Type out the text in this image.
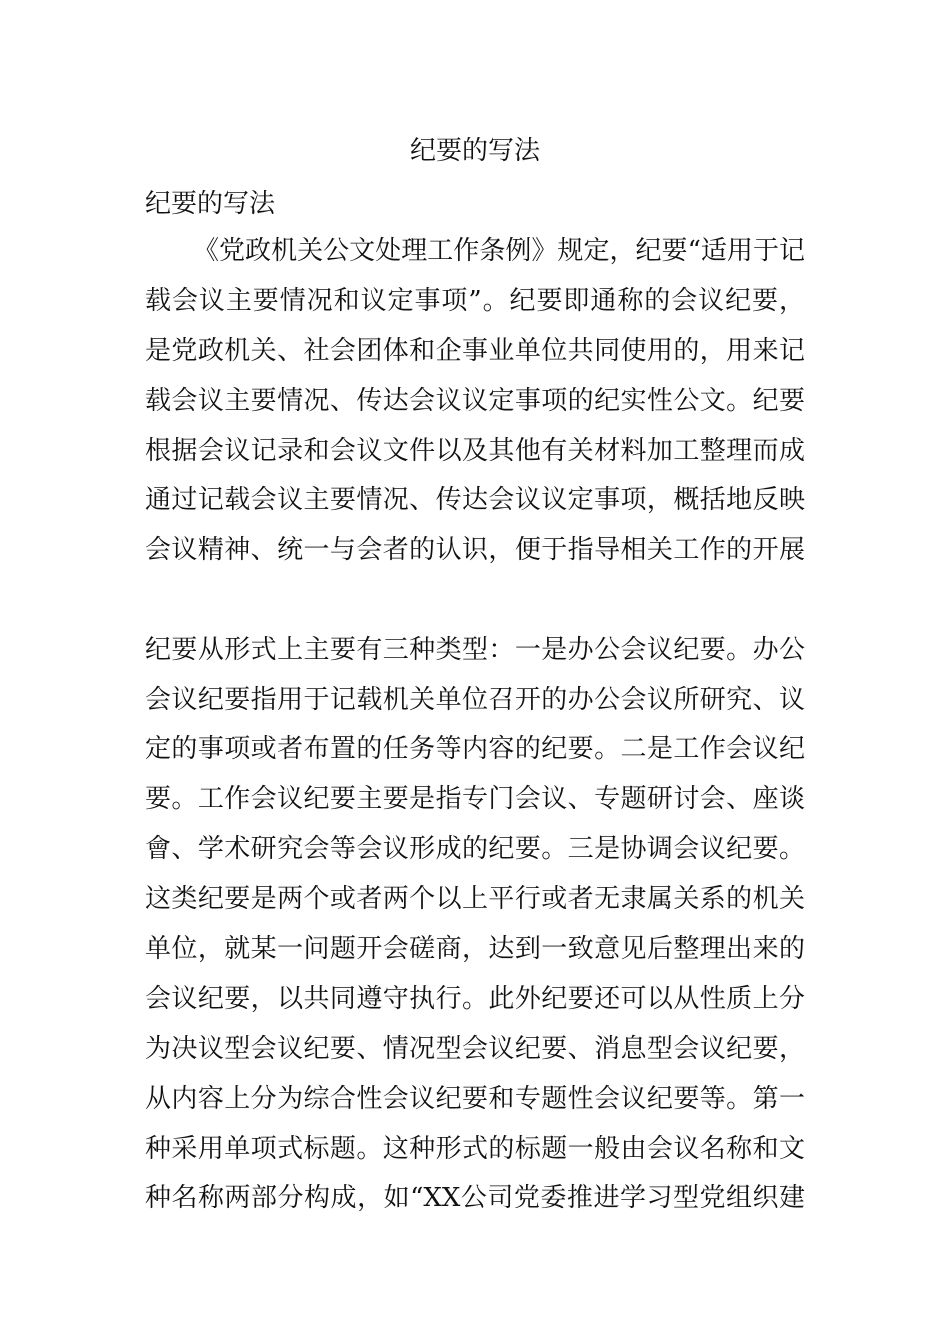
纪要的写法
纪要的写法
《党政机关公文处理工作条例》规定，纪要“适用于记
载会议主要情况和议定事项”。纪要即通称的会议纪要，
是党政机关、社会团体和企事业单位共同使用的，用来记
载会议主要情况、传达会议议定事项的纪实性公文。纪要
根据会议记录和会议文件以及其他有关材料加工整理而成
通过记载会议主要情况、传达会议议定事项，概括地反映
会议精神、统一与会者的认识，便于指导相关工作的开展
纪要从形式上主要有三种类型：一是办公会议纪要。办公
会议纪要指用于记载机关单位召开的办公会议所研究、议
定的事项或者布置的任务等内容的纪要。二是工作会议纪
要。工作会议纪要主要是指专门会议、专题研讨会、座谈
會、学术研究会等会议形成的纪要。三是协调会议纪要。
这类纪要是两个或者两个以上平行或者无隶属关系的机关
单位，就某一问题开会磋商，达到一致意见后整理出来的
会议纪要，以共同遵守执行。此外纪要还可以从性质上分
为决议型会议纪要、情况型会议纪要、消息型会议纪要，
从内容上分为综合性会议纪要和专题性会议纪要等。第一
种采用单项式标题。这种形式的标题一般由会议名称和文
种名称两部分构成，如“XX公司党委推进学习型党组织建
